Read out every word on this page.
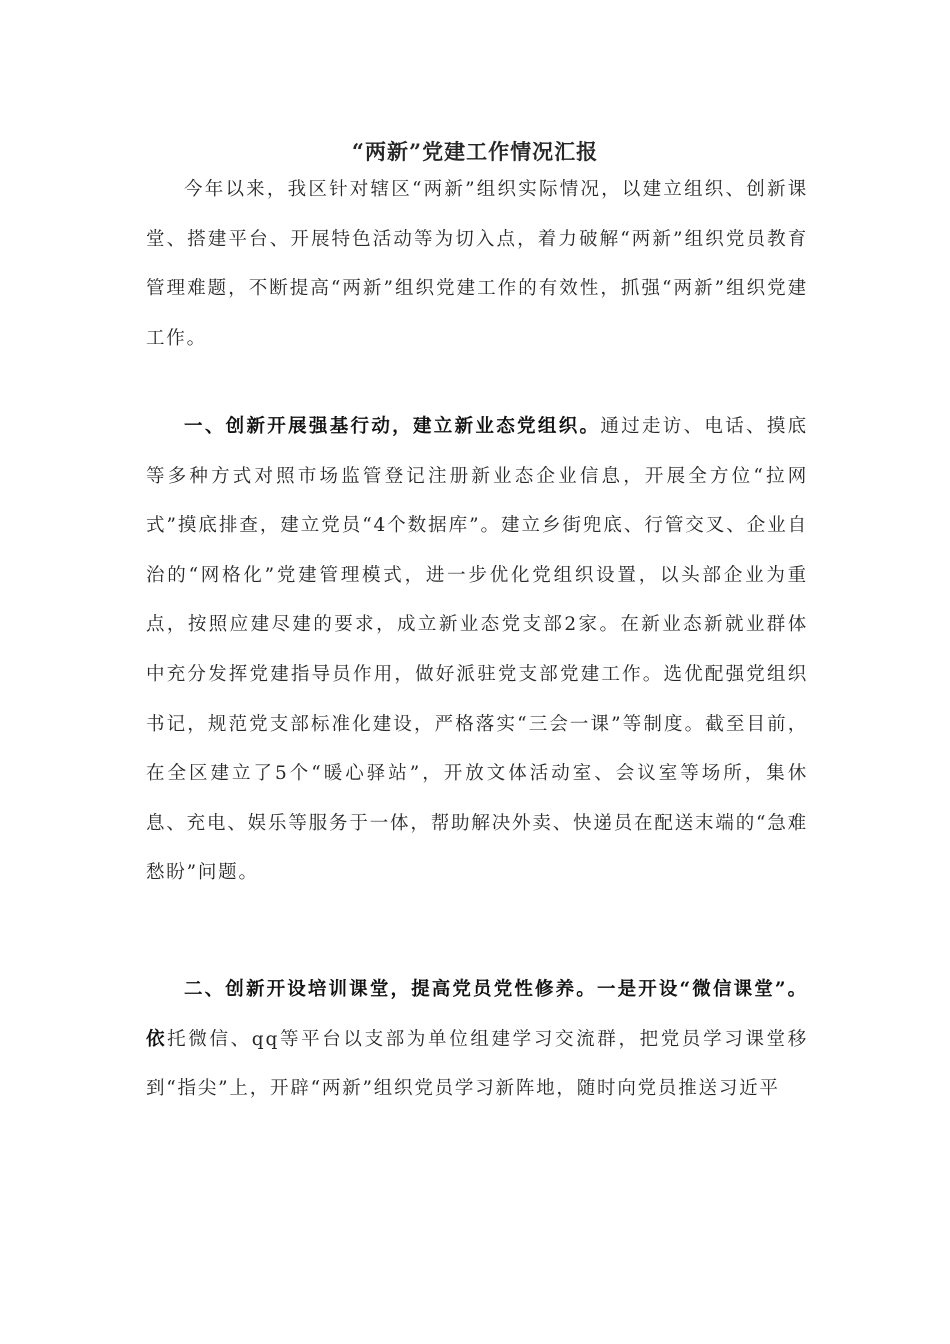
“两新”党建工作情况汇报

今年以来，我区针对辖区“两新”组织实际情况，以建立组织、创新课堂、搭建平台、开展特色活动等为切入点，着力破解“两新”组织党员教育管理难题，不断提高“两新”组织党建工作的有效性，抓强“两新”组织党建工作。

一、创新开展强基行动，建立新业态党组织。通过走访、电话、摸底等多种方式对照市场监管登记注册新业态企业信息，开展全方位“拉网式”摸底排查，建立党员“4个数据库”。建立乡街兜底、行管交叉、企业自治的“网格化”党建管理模式，进一步优化党组织设置，以头部企业为重点，按照应建尽建的要求，成立新业态党支部2家。在新业态新就业群体中充分发挥党建指导员作用，做好派驻党支部党建工作。选优配强党组织书记，规范党支部标准化建设，严格落实“三会一课”等制度。截至目前，在全区建立了5个“暖心驿站”，开放文体活动室、会议室等场所，集休息、充电、娱乐等服务于一体，帮助解决外卖、快递员在配送末端的“急难愁盼”问题。

二、创新开设培训课堂，提高党员党性修养。一是开设“微信课堂”。依托微信、qq等平台以支部为单位组建学习交流群，把党员学习课堂移到“指尖”上，开辟“两新”组织党员学习新阵地，随时向党员推送习近平
